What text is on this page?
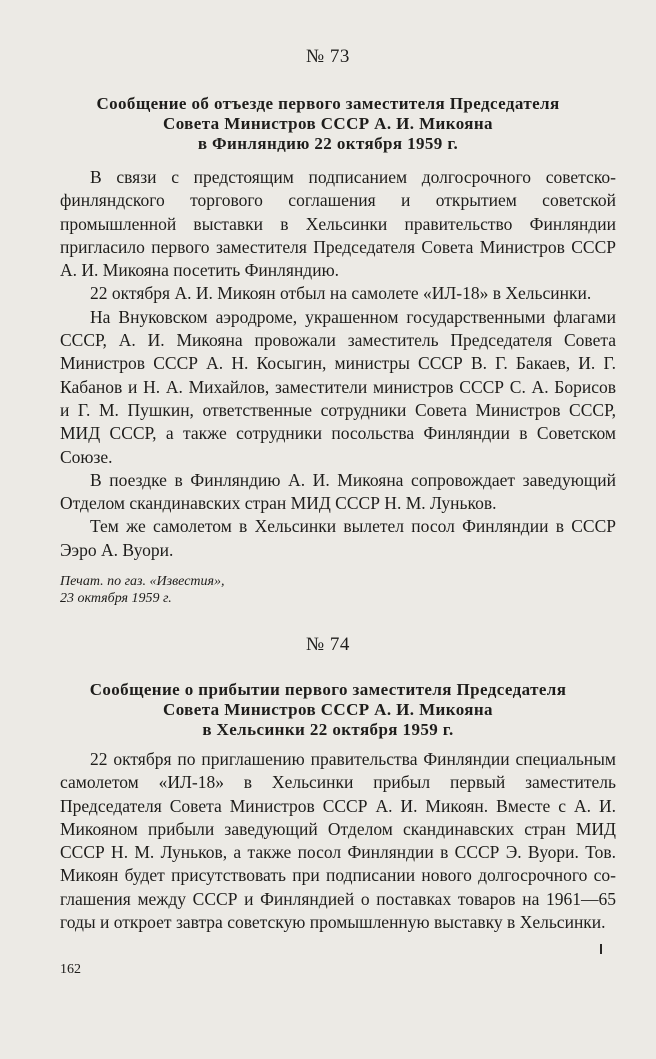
№ 73
Сообщение об отъезде первого заместителя Председателя
Совета Министров СССР А. И. Микояна
в Финляндию 22 октября 1959 г.

В связи с предстоящим подписанием долгосрочного советско-финляндского торгового соглашения и открытием советской промышленной выставки в Хельсинки правительство Финляндии пригласило первого заместителя Председателя Совета Министров СССР А. И. Микояна посетить Финляндию.

22 октября А. И. Микоян отбыл на самолете «ИЛ-18» в Хельсинки.

На Внуковском аэродроме, украшенном государственными флагами СССР, А. И. Микояна провожали заместитель Председателя Совета Министров СССР А. Н. Косыгин, министры СССР В. Г. Бакаев, И. Г. Кабанов и Н. А. Михайлов, заместители министров СССР С. А. Борисов и Г. М. Пушкин, ответственные сотрудники Совета Министров СССР, МИД СССР, а также сотрудники посольства Финляндии в Советском Союзе.

В поездке в Финляндию А. И. Микояна сопровождает заведующий Отделом скандинавских стран МИД СССР Н. М. Луньков.

Тем же самолетом в Хельсинки вылетел посол Финляндии в СССР Ээро А. Вуори.

Печат. по газ. «Известия»,
23 октября 1959 г.
№ 74
Сообщение о прибытии первого заместителя Председателя
Совета Министров СССР А. И. Микояна
в Хельсинки 22 октября 1959 г.

22 октября по приглашению правительства Финляндии специальным самолетом «ИЛ-18» в Хельсинки прибыл первый заместитель Председателя Совета Министров СССР А. И. Микоян. Вместе с А. И. Микояном прибыли заведующий Отделом скандинавских стран МИД СССР Н. М. Луньков, а также посол Финляндии в СССР Э. Вуори. Тов. Микоян будет присутствовать при подписании нового долгосрочного соглашения между СССР и Финляндией о поставках товаров на 1961—65 годы и откроет завтра советскую промышленную выставку в Хельсинки.

162
